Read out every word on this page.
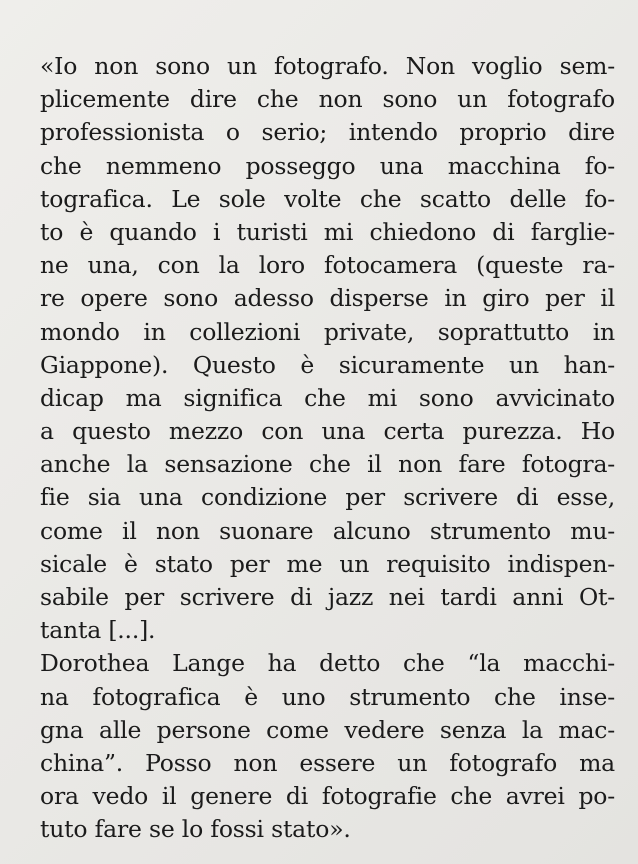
«Io non sono un fotografo. Non voglio sem-
plicemente dire che non sono un fotografo
professionista o serio; intendo proprio dire
che nemmeno posseggo una macchina fo-
tografica. Le sole volte che scatto delle fo-
to è quando i turisti mi chiedono di farglie-
ne una, con la loro fotocamera (queste ra-
re opere sono adesso disperse in giro per il
mondo in collezioni private, soprattutto in
Giappone). Questo è sicuramente un han-
dicap ma significa che mi sono avvicinato
a questo mezzo con una certa purezza. Ho
anche la sensazione che il non fare fotogra-
fie sia una condizione per scrivere di esse,
come il non suonare alcuno strumento mu-
sicale è stato per me un requisito indispen-
sabile per scrivere di jazz nei tardi anni Ot-
tanta [...].
Dorothea Lange ha detto che “la macchi-
na fotografica è uno strumento che inse-
gna alle persone come vedere senza la mac-
china”. Posso non essere un fotografo ma
ora vedo il genere di fotografie che avrei po-
tuto fare se lo fossi stato».
